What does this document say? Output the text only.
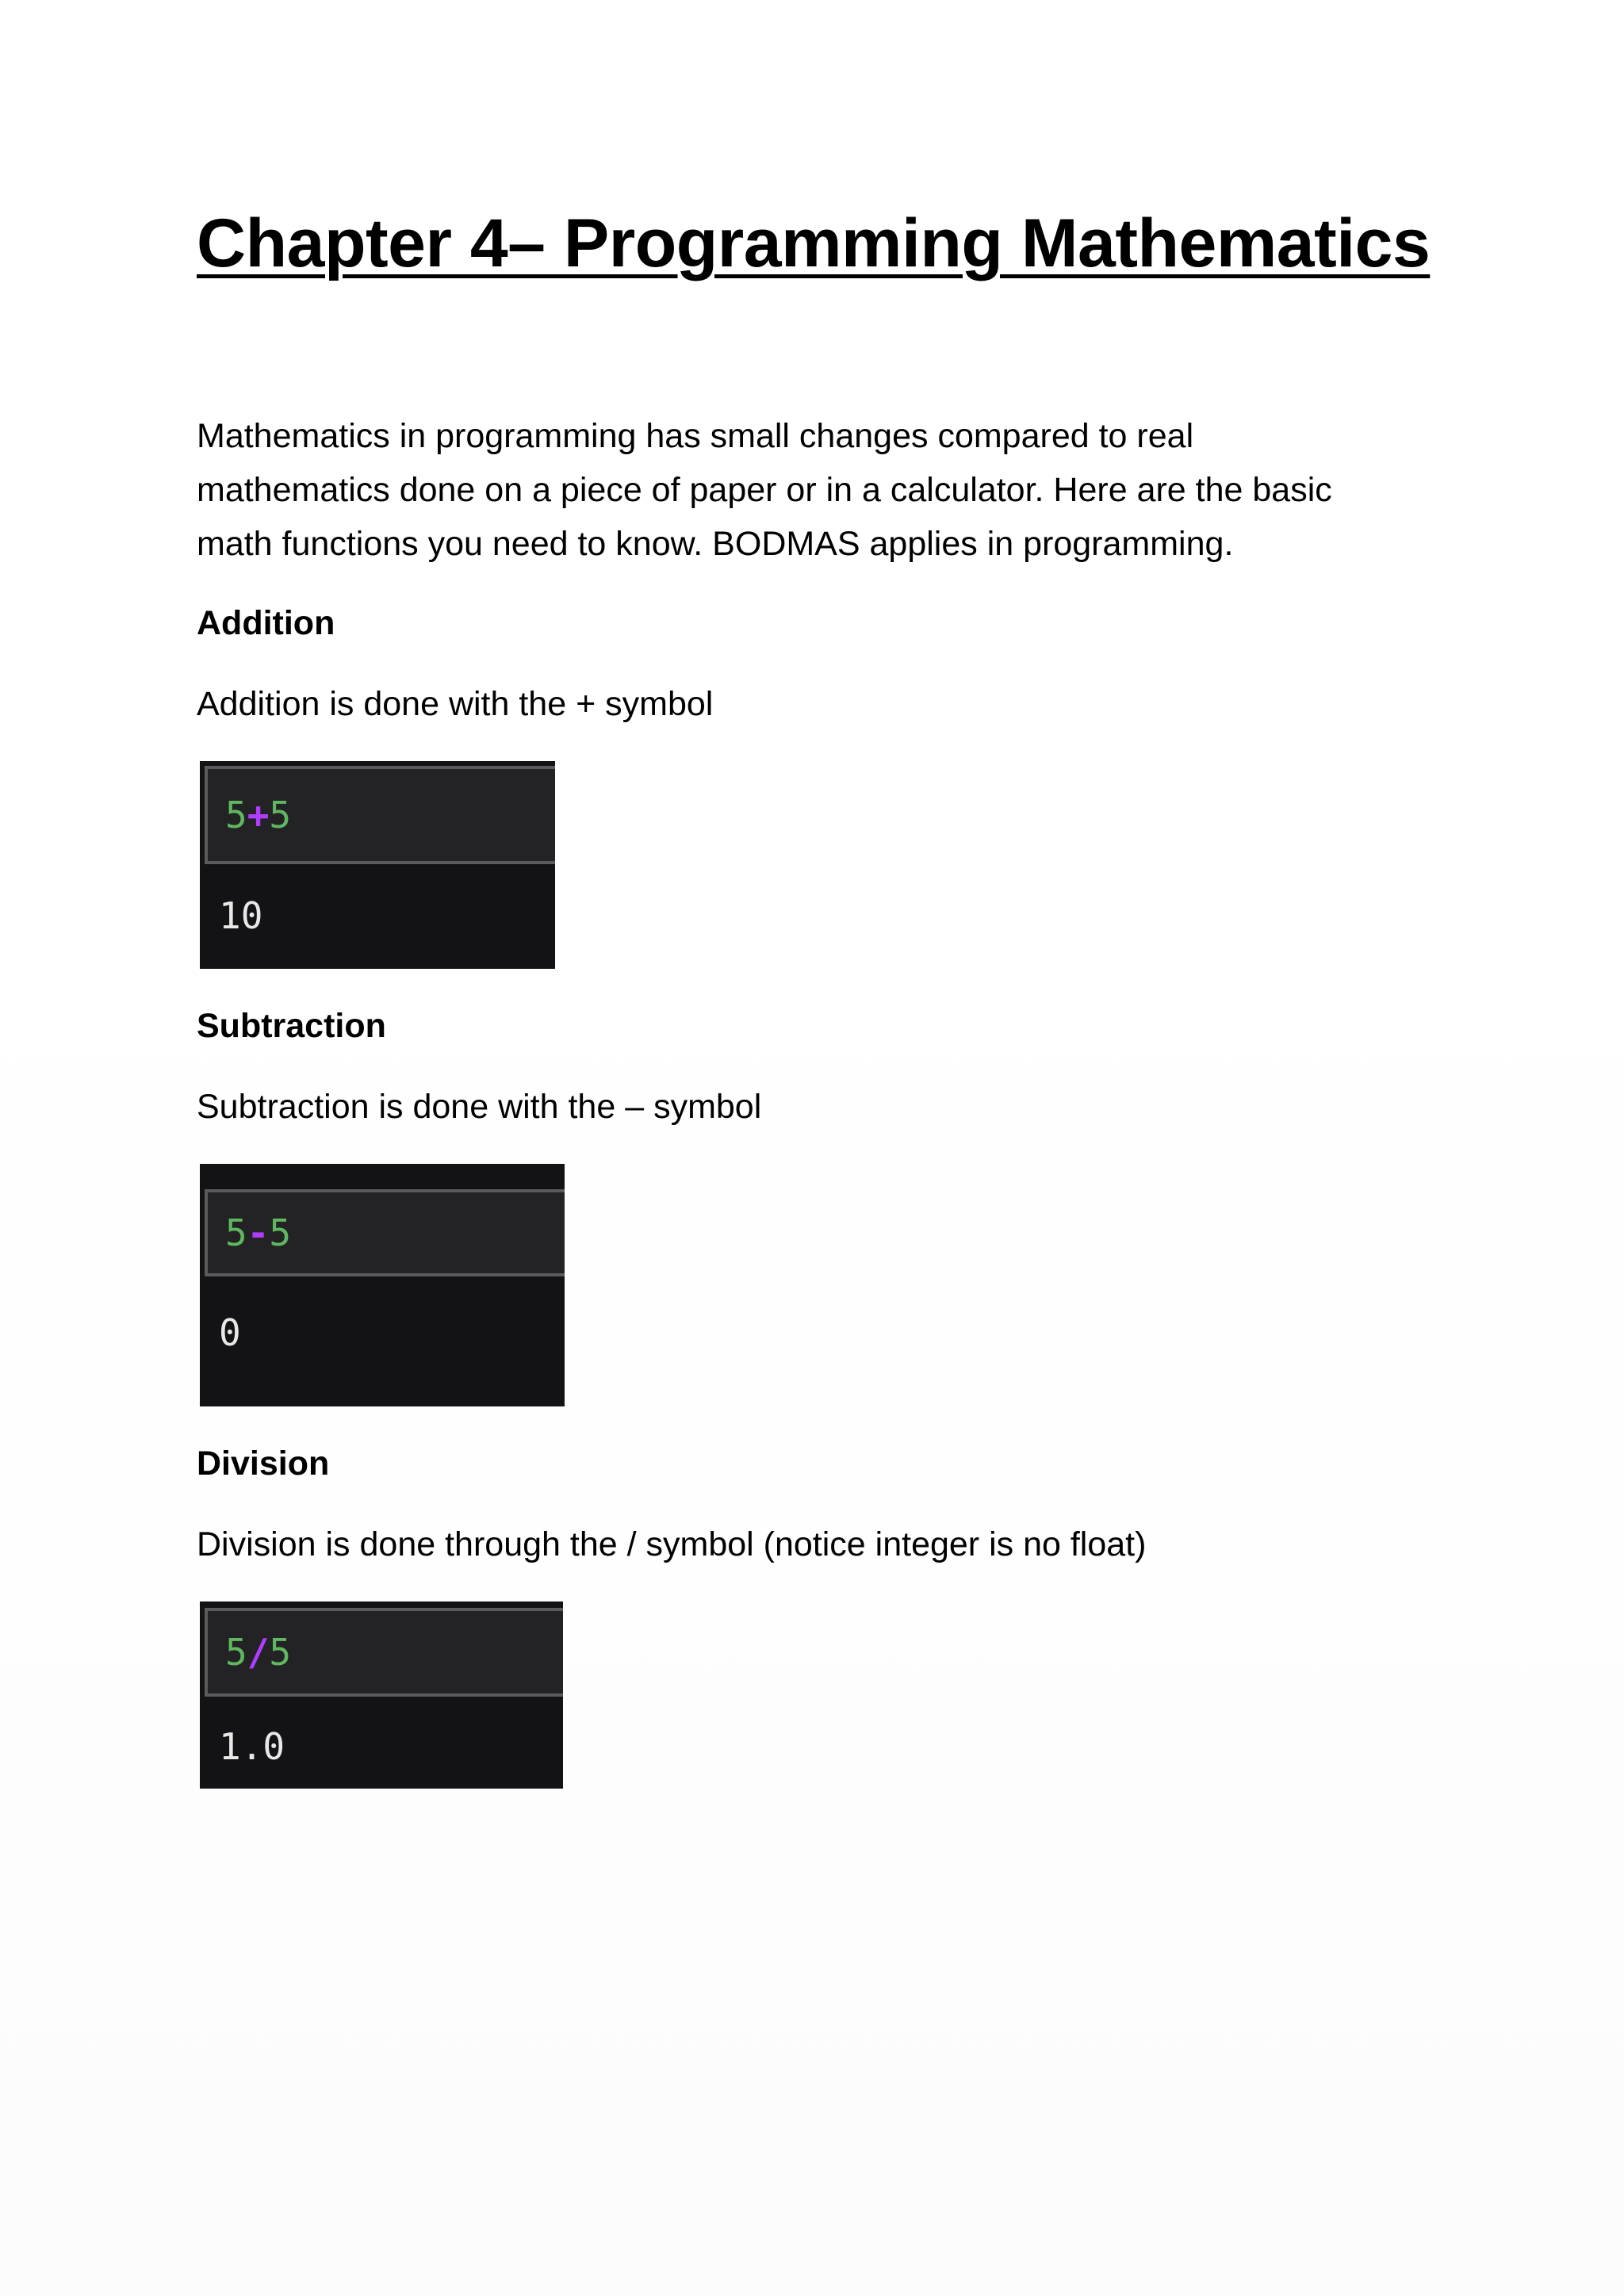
Chapter 4– Programming Mathematics

Mathematics in programming has small changes compared to real
mathematics done on a piece of paper or in a calculator. Here are the basic
math functions you need to know. BODMAS applies in programming.

Addition

Addition is done with the + symbol

5 + 5
10
Subtraction

Subtraction is done with the – symbol

5 - 5
0
Division

Division is done through the / symbol (notice integer is no float)

5 / 5
1.0
